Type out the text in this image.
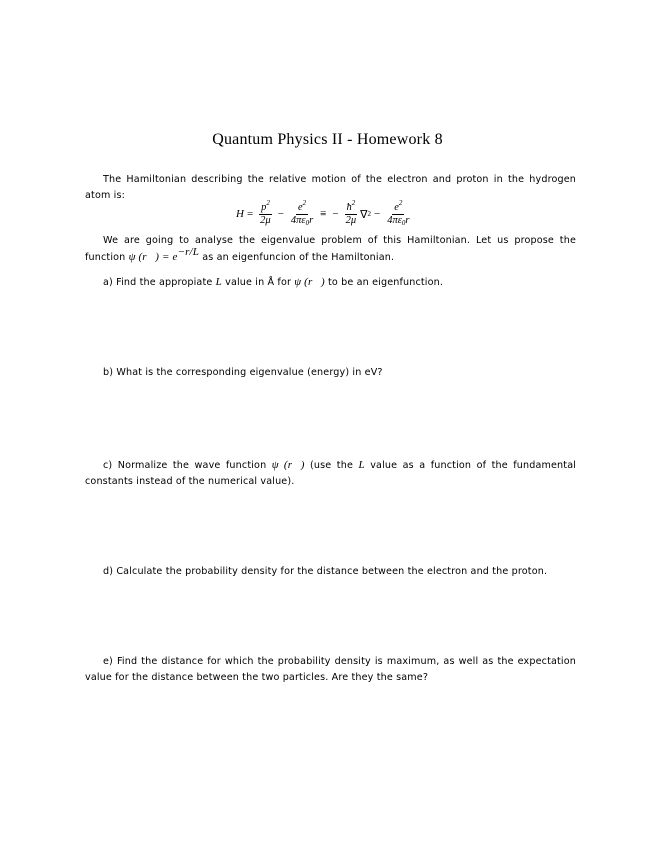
Quantum Physics II - Homework 8
The Hamiltonian describing the relative motion of the electron and proton in the hydrogen atom is:
$H = \frac{p^2}{2\mu} - \frac{e^2}{4\pi\varepsilon_0r}$ ≡ − $\frac{ħ^2}{2\mu}$ ∇ $2 - \frac{e^2}{4\pi\varepsilon_0r}$
We are going to analyse the eigenvalue problem of this Hamiltonian. Let us propose the function ψ (r⃗) = $e^{-r/L}$ as an eigenfuncion of the Hamiltonian.
a) Find the appropiate L value in Å for ψ (r⃗) to be an eigenfunction.
b) What is the corresponding eigenvalue (energy) in eV?
c) Normalize the wave function ψ (r⃗) (use the L value as a function of the fundamental constants instead of the numerical value).
d) Calculate the probability density for the distance between the electron and the proton.
e) Find the distance for which the probability density is maximum, as well as the expectation value for the distance between the two particles. Are they the same?
